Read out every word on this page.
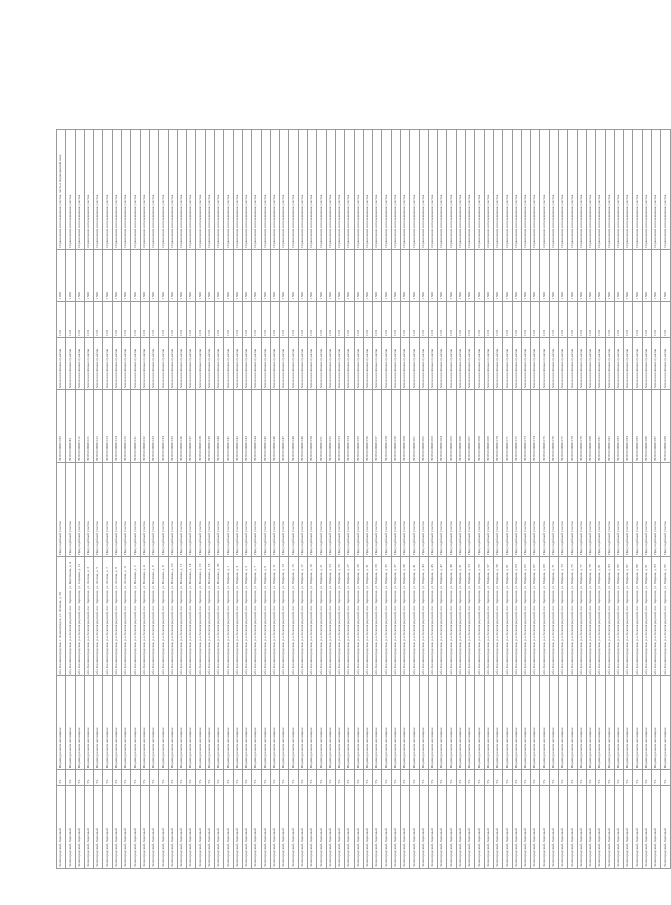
Зеленоградский, Заречный	Уч.	Индивидуальное жилищное	обл. Калининградская, г. Зеленоградск, ул. Зеленая, д. 20	Приусадебный участок	39:05:010605:185	Земли населённых пунктов	1131	1 200	Ограничение использования участка, часть в водоохранной зоне
Зеленоградский, Заречный	Уч.	Индивидуальное жилищное	обл. Калининградская, р-н Зеленоградский, пос. Заречное, ул. Цветочная, д. 4	Приусадебный участок	39:05:010606:45	Земли населённых пунктов	1131	1 200	Ограничение использования участка
Зеленоградский, Заречный	Уч.	Индивидуальное жилищное	обл. Калининградская, р-н Зеленоградский, пос. Заречное, ул. Садовая, д. 12	Приусадебный участок	39:05:010606:112	Земли населённых пунктов	1131	1 500	Ограничение использования участка
Зеленоградский, Заречный	Уч.	Индивидуальное жилищное	обл. Калининградская, р-н Зеленоградский, пос. Заречное, ул. Лесная, д. 3	Приусадебный участок	39:05:010606:121	Земли населённых пунктов	1131	1 500	Ограничение использования участка
Зеленоградский, Заречный	Уч.	Индивидуальное жилищное	обл. Калининградская, р-н Зеленоградский, пос. Заречное, ул. Лесная, д. 5	Приусадебный участок	39:05:010606:122	Земли населённых пунктов	1131	1 500	Ограничение использования участка
Зеленоградский, Заречный	Уч.	Индивидуальное жилищное	обл. Калининградская, р-н Зеленоградский, пос. Заречное, ул. Лесная, д. 7	Приусадебный участок	39:05:010606:123	Земли населённых пунктов	1131	1 500	Ограничение использования участка
Зеленоградский, Заречный	Уч.	Индивидуальное жилищное	обл. Калининградская, р-н Зеленоградский, пос. Заречное, ул. Лесная, д. 9	Приусадебный участок	39:05:010606:124	Земли населённых пунктов	1131	1 500	Ограничение использования участка
Зеленоградский, Заречный	Уч.	Индивидуальное жилищное	обл. Калининградская, р-н Зеленоградский, пос. Заречное, ул. Лесная, д. 11	Приусадебный участок	39:05:010606:125	Земли населённых пунктов	1131	1 500	Ограничение использования участка
Зеленоградский, Заречный	Уч.	Индивидуальное жилищное	обл. Калининградская, р-н Зеленоградский, пос. Заречное, ул. Полевая, д. 2	Приусадебный участок	39:05:010606:131	Земли населённых пунктов	1131	1 500	Ограничение использования участка
Зеленоградский, Заречный	Уч.	Индивидуальное жилищное	обл. Калининградская, р-н Зеленоградский, пос. Заречное, ул. Полевая, д. 4	Приусадебный участок	39:05:010606:132	Земли населённых пунктов	1131	1 500	Ограничение использования участка
Зеленоградский, Заречный	Уч.	Индивидуальное жилищное	обл. Калининградская, р-н Зеленоградский, пос. Заречное, ул. Полевая, д. 6	Приусадебный участок	39:05:010606:133	Земли населённых пунктов	1131	1 500	Ограничение использования участка
Зеленоградский, Заречный	Уч.	Индивидуальное жилищное	обл. Калининградская, р-н Зеленоградский, пос. Заречное, ул. Полевая, д. 8	Приусадебный участок	39:05:010606:134	Земли населённых пунктов	1131	1 500	Ограничение использования участка
Зеленоградский, Заречный	Уч.	Индивидуальное жилищное	обл. Калининградская, р-н Зеленоградский, пос. Заречное, ул. Полевая, д. 10	Приусадебный участок	39:05:010606:135	Земли населённых пунктов	1131	1 500	Ограничение использования участка
Зеленоградский, Заречный	Уч.	Индивидуальное жилищное	обл. Калининградская, р-н Зеленоградский, пос. Заречное, ул. Полевая, д. 12	Приусадебный участок	39:05:010606:136	Земли населённых пунктов	1131	1 500	Ограничение использования участка
Зеленоградский, Заречный	Уч.	Индивидуальное жилищное	обл. Калининградская, р-н Зеленоградский, пос. Заречное, ул. Полевая, д. 14	Приусадебный участок	39:05:010606:137	Земли населённых пунктов	1131	1 500	Ограничение использования участка
Зеленоградский, Заречный	Уч.	Индивидуальное жилищное	обл. Калининградская, р-н Зеленоградский, пос. Заречное, ул. Полевая, д. 16	Приусадебный участок	39:05:010606:138	Земли населённых пунктов	1131	1 500	Ограничение использования участка
Зеленоградский, Заречный	Уч.	Индивидуальное жилищное	обл. Калининградская, р-н Зеленоградский, пос. Заречное, ул. Полевая, д. 18	Приусадебный участок	39:05:010606:139	Земли населённых пунктов	1131	1 500	Ограничение использования участка
Зеленоградский, Заречный	Уч.	Индивидуальное жилищное	обл. Калининградская, р-н Зеленоградский, пос. Заречное, ул. Полевая, д. 20	Приусадебный участок	39:05:010606:140	Земли населённых пунктов	1131	1 500	Ограничение использования участка
Зеленоградский, Заречный	Уч.	Индивидуальное жилищное	обл. Калининградская, р-н Зеленоградский, пос. Заречное, ул. Мирная, д. 1	Приусадебный участок	39:05:010606:141	Земли населённых пунктов	1131	1 500	Ограничение использования участка
Зеленоградский, Заречный	Уч.	Индивидуальное жилищное	обл. Калининградская, р-н Зеленоградский, пос. Заречное, ул. Мирная, д. 3	Приусадебный участок	39:05:010606:142	Земли населённых пунктов	1131	1 500	Ограничение использования участка
Зеленоградский, Заречный	Уч.	Индивидуальное жилищное	обл. Калининградская, р-н Зеленоградский, пос. Заречное, ул. Мирная, д. 5	Приусадебный участок	39:05:010606:143	Земли населённых пунктов	1131	1 500	Ограничение использования участка
Зеленоградский, Заречный	Уч.	Индивидуальное жилищное	обл. Калининградская, р-н Зеленоградский, пос. Заречное, ул. Мирная, д. 7	Приусадебный участок	39:05:010606:144	Земли населённых пунктов	1131	1 500	Ограничение использования участка
Зеленоградский, Заречный	Уч.	Индивидуальное жилищное	обл. Калининградская, р-н Зеленоградский, пос. Заречное, ул. Мирная, д. 9	Приусадебный участок	39:05:010606:145	Земли населённых пунктов	1131	1 500	Ограничение использования участка
Зеленоградский, Заречный	Уч.	Индивидуальное жилищное	обл. Калининградская, р-н Зеленоградский, пос. Заречное, ул. Мирная, д. 11	Приусадебный участок	39:05:010606:146	Земли населённых пунктов	1131	1 500	Ограничение использования участка
Зеленоградский, Заречный	Уч.	Индивидуальное жилищное	обл. Калининградская, р-н Зеленоградский, пос. Заречное, ул. Мирная, д. 13	Приусадебный участок	39:05:010606:147	Земли населённых пунктов	1131	1 500	Ограничение использования участка
Зеленоградский, Заречный	Уч.	Индивидуальное жилищное	обл. Калининградская, р-н Зеленоградский, пос. Заречное, ул. Мирная, д. 15	Приусадебный участок	39:05:010606:148	Земли населённых пунктов	1131	1 500	Ограничение использования участка
Зеленоградский, Заречный	Уч.	Индивидуальное жилищное	обл. Калининградская, р-н Зеленоградский, пос. Заречное, ул. Мирная, д. 17	Приусадебный участок	39:05:010606:149	Земли населённых пунктов	1131	1 500	Ограничение использования участка
Зеленоградский, Заречный	Уч.	Индивидуальное жилищное	обл. Калининградская, р-н Зеленоградский, пос. Заречное, ул. Мирная, д. 19	Приусадебный участок	39:05:010606:150	Земли населённых пунктов	1131	1 500	Ограничение использования участка
Зеленоградский, Заречный	Уч.	Индивидуальное жилищное	обл. Калининградская, р-н Зеленоградский, пос. Заречное, ул. Мирная, д. 21	Приусадебный участок	39:05:010606:151	Земли населённых пунктов	1131	1 500	Ограничение использования участка
Зеленоградский, Заречный	Уч.	Индивидуальное жилищное	обл. Калининградская, р-н Зеленоградский, пос. Заречное, ул. Мирная, д. 23	Приусадебный участок	39:05:010606:152	Земли населённых пунктов	1131	1 500	Ограничение использования участка
Зеленоградский, Заречный	Уч.	Индивидуальное жилищное	обл. Калининградская, р-н Зеленоградский, пос. Заречное, ул. Мирная, д. 25	Приусадебный участок	39:05:010606:153	Земли населённых пунктов	1131	1 500	Ограничение использования участка
Зеленоградский, Заречный	Уч.	Индивидуальное жилищное	обл. Калининградская, р-н Зеленоградский, пос. Заречное, ул. Мирная, д. 27	Приусадебный участок	39:05:010606:154	Земли населённых пунктов	1131	1 500	Ограничение использования участка
Зеленоградский, Заречный	Уч.	Индивидуальное жилищное	обл. Калининградская, р-н Зеленоградский, пос. Заречное, ул. Мирная, д. 29	Приусадебный участок	39:05:010606:155	Земли населённых пунктов	1131	1 500	Ограничение использования участка
Зеленоградский, Заречный	Уч.	Индивидуальное жилищное	обл. Калининградская, р-н Зеленоградский, пос. Заречное, ул. Мирная, д. 31	Приусадебный участок	39:05:010606:156	Земли населённых пунктов	1131	1 500	Ограничение использования участка
Зеленоградский, Заречный	Уч.	Индивидуальное жилищное	обл. Калининградская, р-н Зеленоградский, пос. Заречное, ул. Мирная, д. 33	Приусадебный участок	39:05:010606:157	Земли населённых пунктов	1131	1 500	Ограничение использования участка
Зеленоградский, Заречный	Уч.	Индивидуальное жилищное	обл. Калининградская, р-н Зеленоградский, пос. Заречное, ул. Мирная, д. 35	Приусадебный участок	39:05:010606:158	Земли населённых пунктов	1131	1 500	Ограничение использования участка
Зеленоградский, Заречный	Уч.	Индивидуальное жилищное	обл. Калининградская, р-н Зеленоградский, пос. Заречное, ул. Мирная, д. 37	Приусадебный участок	39:05:010606:159	Земли населённых пунктов	1131	1 500	Ограничение использования участка
Зеленоградский, Заречный	Уч.	Индивидуальное жилищное	обл. Калининградская, р-н Зеленоградский, пос. Заречное, ул. Мирная, д. 39	Приусадебный участок	39:05:010606:160	Земли населённых пунктов	1131	1 500	Ограничение использования участка
Зеленоградский, Заречный	Уч.	Индивидуальное жилищное	обл. Калининградская, р-н Зеленоградский, пос. Заречное, ул. Мирная, д. 41	Приусадебный участок	39:05:010606:161	Земли населённых пунктов	1131	1 500	Ограничение использования участка
Зеленоградский, Заречный	Уч.	Индивидуальное жилищное	обл. Калининградская, р-н Зеленоградский, пос. Заречное, ул. Мирная, д. 43	Приусадебный участок	39:05:010606:162	Земли населённых пунктов	1131	1 500	Ограничение использования участка
Зеленоградский, Заречный	Уч.	Индивидуальное жилищное	обл. Калининградская, р-н Зеленоградский, пос. Заречное, ул. Мирная, д. 45	Приусадебный участок	39:05:010606:163	Земли населённых пунктов	1131	1 500	Ограничение использования участка
Зеленоградский, Заречный	Уч.	Индивидуальное жилищное	обл. Калининградская, р-н Зеленоградский, пос. Заречное, ул. Мирная, д. 47	Приусадебный участок	39:05:010606:164	Земли населённых пунктов	1131	1 500	Ограничение использования участка
Зеленоградский, Заречный	Уч.	Индивидуальное жилищное	обл. Калининградская, р-н Зеленоградский, пос. Заречное, ул. Мирная, д. 49	Приусадебный участок	39:05:010606:165	Земли населённых пунктов	1131	1 500	Ограничение использования участка
Зеленоградский, Заречный	Уч.	Индивидуальное жилищное	обл. Калининградская, р-н Зеленоградский, пос. Заречное, ул. Мирная, д. 51	Приусадебный участок	39:05:010606:166	Земли населённых пунктов	1131	1 500	Ограничение использования участка
Зеленоградский, Заречный	Уч.	Индивидуальное жилищное	обл. Калининградская, р-н Зеленоградский, пос. Заречное, ул. Мирная, д. 53	Приусадебный участок	39:05:010606:167	Земли населённых пунктов	1131	1 500	Ограничение использования участка
Зеленоградский, Заречный	Уч.	Индивидуальное жилищное	обл. Калининградская, р-н Зеленоградский, пос. Заречное, ул. Мирная, д. 55	Приусадебный участок	39:05:010606:168	Земли населённых пунктов	1131	1 500	Ограничение использования участка
Зеленоградский, Заречный	Уч.	Индивидуальное жилищное	обл. Калининградская, р-н Зеленоградский, пос. Заречное, ул. Мирная, д. 57	Приусадебный участок	39:05:010606:169	Земли населённых пунктов	1131	1 500	Ограничение использования участка
Зеленоградский, Заречный	Уч.	Индивидуальное жилищное	обл. Калининградская, р-н Зеленоградский, пос. Заречное, ул. Мирная, д. 59	Приусадебный участок	39:05:010606:170	Земли населённых пунктов	1131	1 500	Ограничение использования участка
Зеленоградский, Заречный	Уч.	Индивидуальное жилищное	обл. Калининградская, р-н Зеленоградский, пос. Заречное, ул. Мирная, д. 61	Приусадебный участок	39:05:010606:171	Земли населённых пунктов	1131	1 500	Ограничение использования участка
Зеленоградский, Заречный	Уч.	Индивидуальное жилищное	обл. Калининградская, р-н Зеленоградский, пос. Заречное, ул. Мирная, д. 63	Приусадебный участок	39:05:010606:172	Земли населённых пунктов	1131	1 500	Ограничение использования участка
Зеленоградский, Заречный	Уч.	Индивидуальное жилищное	обл. Калининградская, р-н Зеленоградский, пос. Заречное, ул. Мирная, д. 65	Приусадебный участок	39:05:010606:173	Земли населённых пунктов	1131	1 500	Ограничение использования участка
Зеленоградский, Заречный	Уч.	Индивидуальное жилищное	обл. Калининградская, р-н Зеленоградский, пос. Заречное, ул. Мирная, д. 67	Приусадебный участок	39:05:010606:174	Земли населённых пунктов	1131	1 500	Ограничение использования участка
Зеленоградский, Заречный	Уч.	Индивидуальное жилищное	обл. Калининградская, р-н Зеленоградский, пос. Заречное, ул. Мирная, д. 69	Приусадебный участок	39:05:010606:175	Земли населённых пунктов	1131	1 500	Ограничение использования участка
Зеленоградский, Заречный	Уч.	Индивидуальное жилищное	обл. Калининградская, р-н Зеленоградский, пос. Заречное, ул. Мирная, д. 71	Приусадебный участок	39:05:010606:176	Земли населённых пунктов	1131	1 500	Ограничение использования участка
Зеленоградский, Заречный	Уч.	Индивидуальное жилищное	обл. Калининградская, р-н Зеленоградский, пос. Заречное, ул. Мирная, д. 73	Приусадебный участок	39:05:010606:177	Земли населённых пунктов	1131	1 500	Ограничение использования участка
Зеленоградский, Заречный	Уч.	Индивидуальное жилищное	обл. Калининградская, р-н Зеленоградский, пос. Заречное, ул. Мирная, д. 75	Приусадебный участок	39:05:010606:178	Земли населённых пунктов	1131	1 500	Ограничение использования участка
Зеленоградский, Заречный	Уч.	Индивидуальное жилищное	обл. Калининградская, р-н Зеленоградский, пос. Заречное, ул. Мирная, д. 77	Приусадебный участок	39:05:010606:179	Земли населённых пунктов	1131	1 500	Ограничение использования участка
Зеленоградский, Заречный	Уч.	Индивидуальное жилищное	обл. Калининградская, р-н Зеленоградский, пос. Заречное, ул. Мирная, д. 79	Приусадебный участок	39:05:010606:180	Земли населённых пунктов	1131	1 500	Ограничение использования участка
Зеленоградский, Заречный	Уч.	Индивидуальное жилищное	обл. Калининградская, р-н Зеленоградский, пос. Заречное, ул. Мирная, д. 81	Приусадебный участок	39:05:010606:181	Земли населённых пунктов	1131	1 500	Ограничение использования участка
Зеленоградский, Заречный	Уч.	Индивидуальное жилищное	обл. Калининградская, р-н Зеленоградский, пос. Заречное, ул. Мирная, д. 83	Приусадебный участок	39:05:010606:182	Земли населённых пунктов	1131	1 500	Ограничение использования участка
Зеленоградский, Заречный	Уч.	Индивидуальное жилищное	обл. Калининградская, р-н Зеленоградский, пос. Заречное, ул. Мирная, д. 85	Приусадебный участок	39:05:010606:183	Земли населённых пунктов	1131	1 500	Ограничение использования участка
Зеленоградский, Заречный	Уч.	Индивидуальное жилищное	обл. Калининградская, р-н Зеленоградский, пос. Заречное, ул. Мирная, д. 87	Приусадебный участок	39:05:010606:184	Земли населённых пунктов	1131	1 500	Ограничение использования участка
Зеленоградский, Заречный	Уч.	Индивидуальное жилищное	обл. Калининградская, р-н Зеленоградский, пос. Заречное, ул. Мирная, д. 89	Приусадебный участок	39:05:010606:185	Земли населённых пунктов	1131	1 500	Ограничение использования участка
Зеленоградский, Заречный	Уч.	Индивидуальное жилищное	обл. Калининградская, р-н Зеленоградский, пос. Заречное, ул. Мирная, д. 91	Приусадебный участок	39:05:010606:186	Земли населённых пунктов	1131	1 500	Ограничение использования участка
Зеленоградский, Заречный	Уч.	Индивидуальное жилищное	обл. Калининградская, р-н Зеленоградский, пос. Заречное, ул. Мирная, д. 93	Приусадебный участок	39:05:010606:187	Земли населённых пунктов	1131	1 500	Ограничение использования участка
Зеленоградский, Заречный	Уч.	Индивидуальное жилищное	обл. Калининградская, р-н Зеленоградский, пос. Заречное, ул. Мирная, д. 95	Приусадебный участок	39:05:010606:188	Земли населённых пунктов	1131	1 500	Ограничение использования участка
